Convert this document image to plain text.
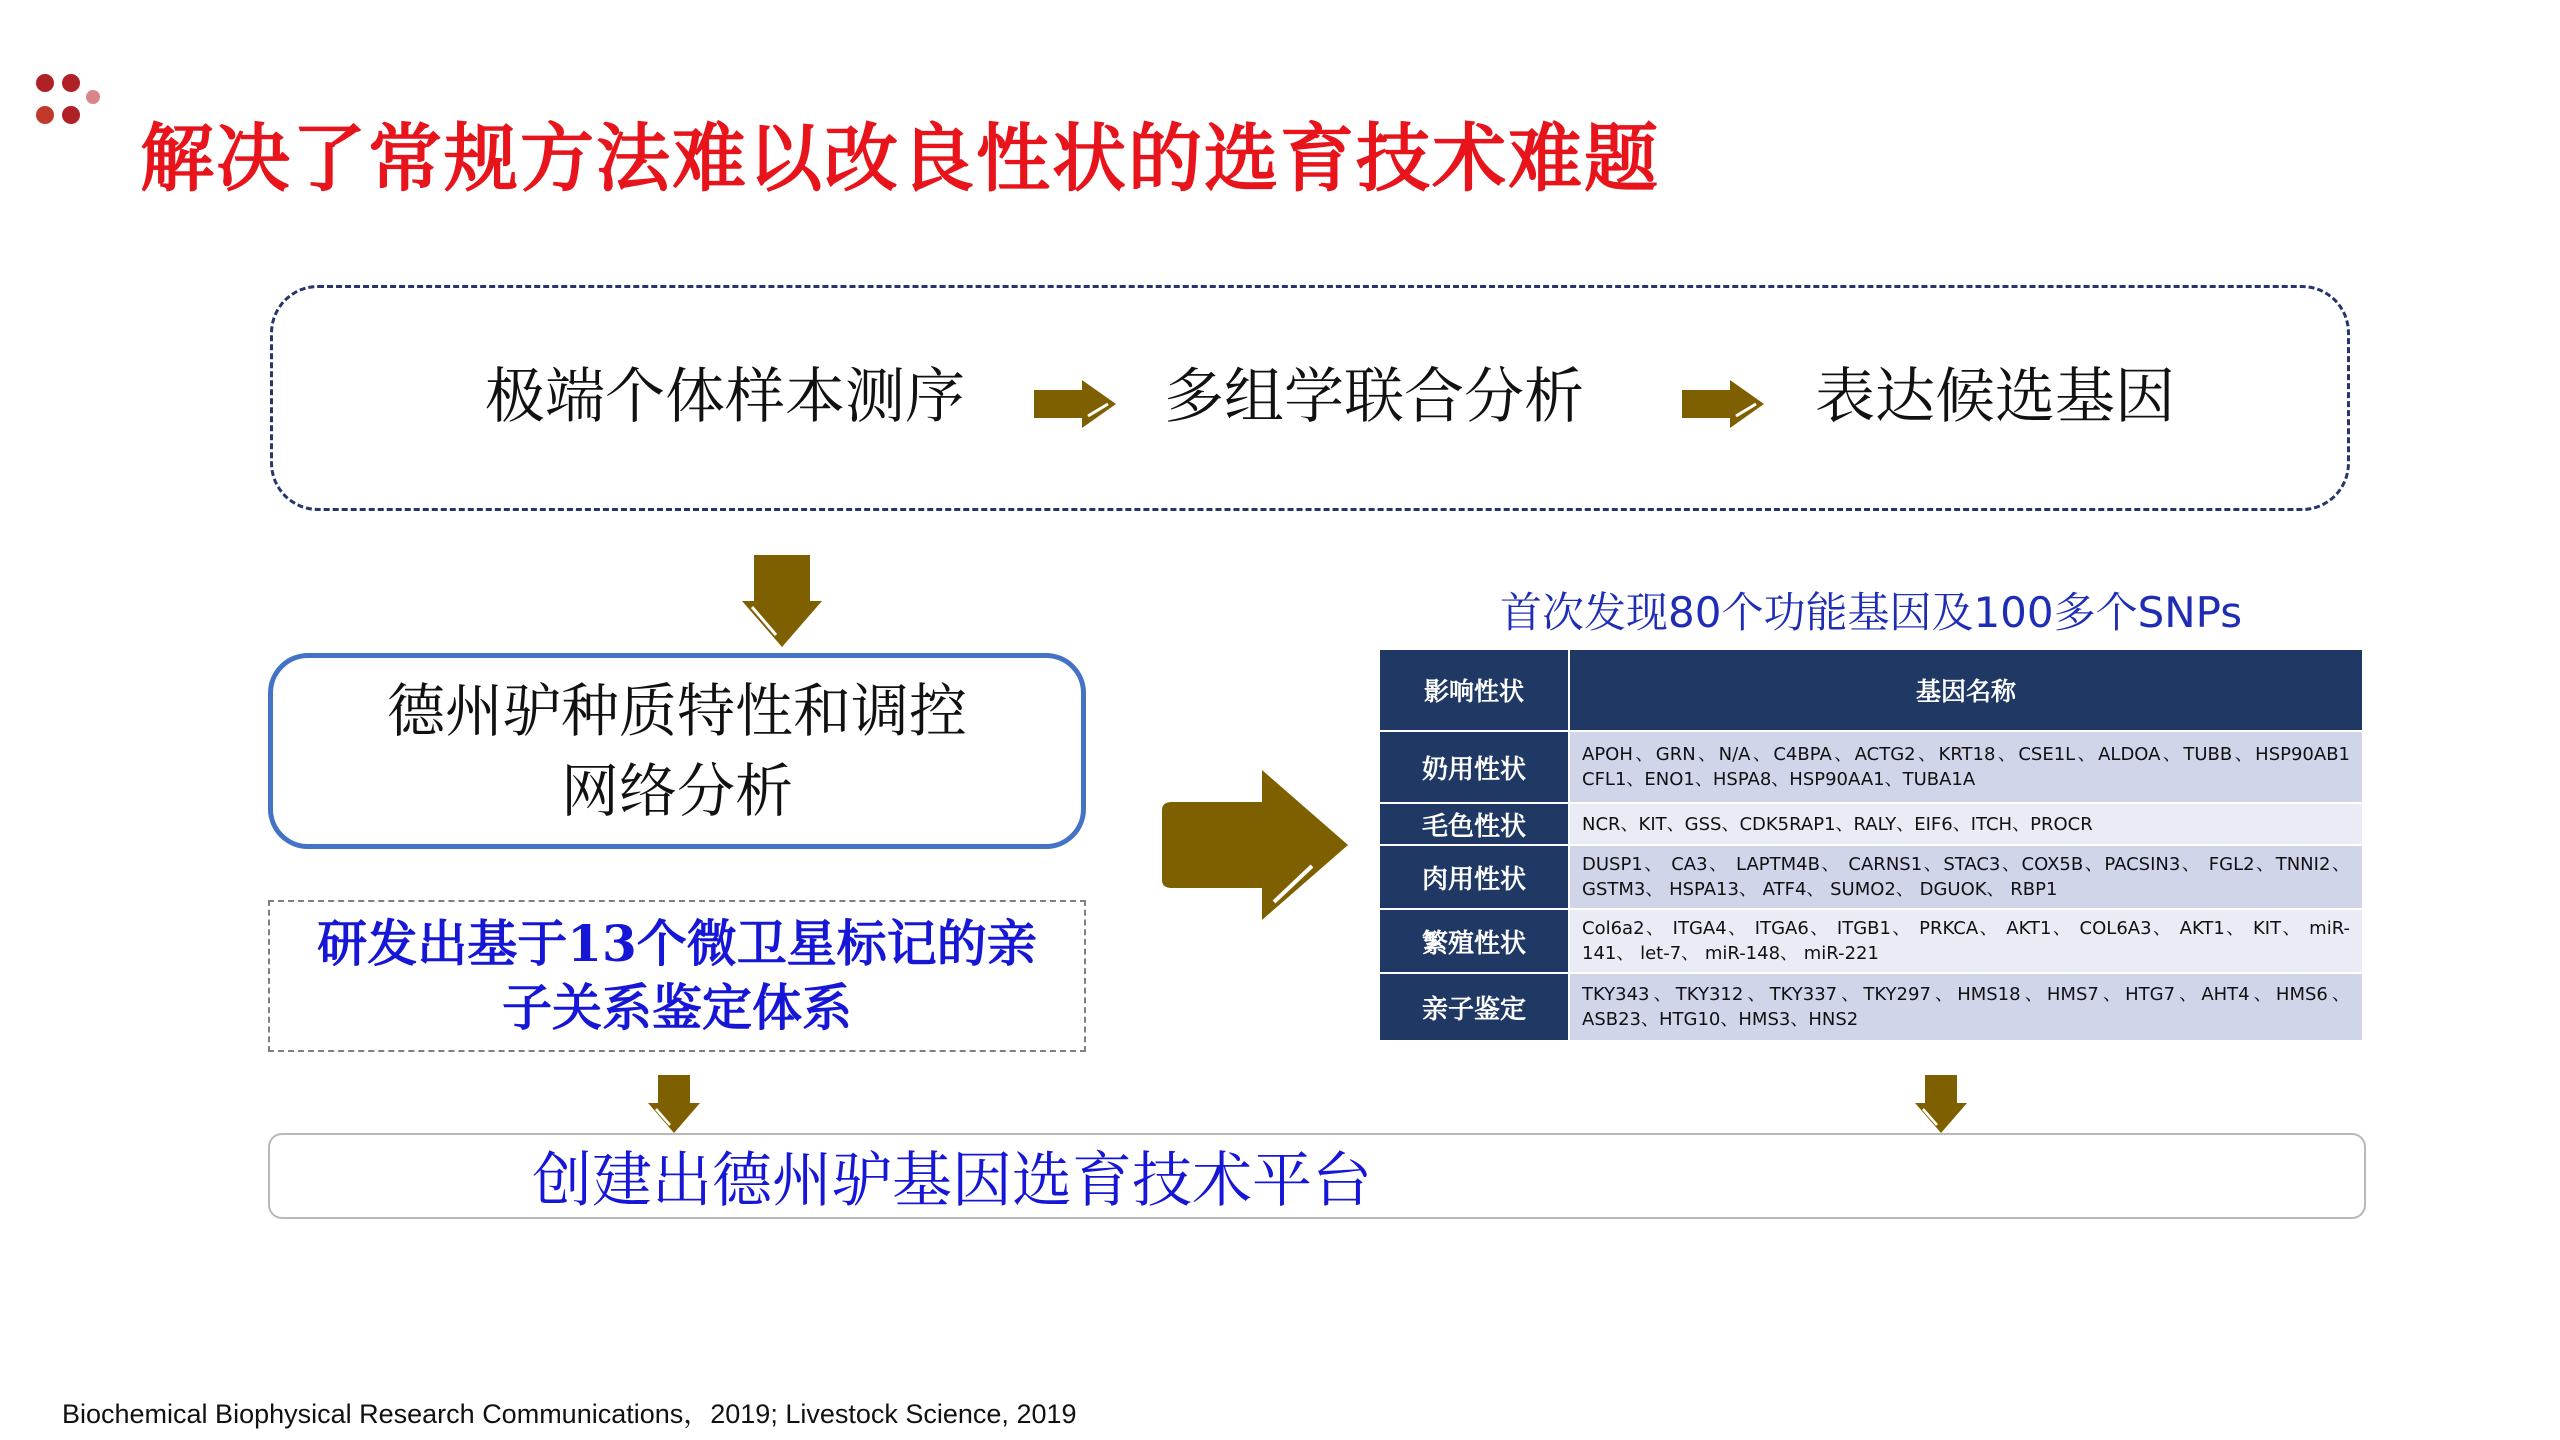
解决了常规方法难以改良性状的选育技术难题
极端个体样本测序	多组学联合分析	表达候选基因
德州驴种质特性和调控
网络分析
研发出基于13个微卫星标记的亲
子关系鉴定体系
首次发现80个功能基因及100多个SNPs
影响性状	基因名称
奶用性状	APOH、GRN、N/A、C4BPA、ACTG2、KRT18、CSE1L、ALDOA、TUBB、HSP90AB1 CFL1、ENO1、HSPA8、HSP90AA1、TUBA1A
毛色性状	NCR、KIT、GSS、CDK5RAP1、RALY、EIF6、ITCH、PROCR
肉用性状	DUSP1、 CA3、 LAPTM4B、 CARNS1、STAC3、COX5B、PACSIN3、 FGL2、TNNI2、GSTM3、 HSPA13、 ATF4、 SUMO2、 DGUOK、 RBP1
繁殖性状	Col6a2、 ITGA4、 ITGA6、 ITGB1、 PRKCA、 AKT1、 COL6A3、 AKT1、 KIT、 miR-141、 let-7、 miR-148、 miR-221
亲子鉴定	TKY343、TKY312、TKY337、TKY297、HMS18、HMS7、HTG7、AHT4、HMS6、ASB23、HTG10、HMS3、HNS2
创建出德州驴基因选育技术平台
Biochemical Biophysical Research Communications，2019; Livestock Science, 2019
